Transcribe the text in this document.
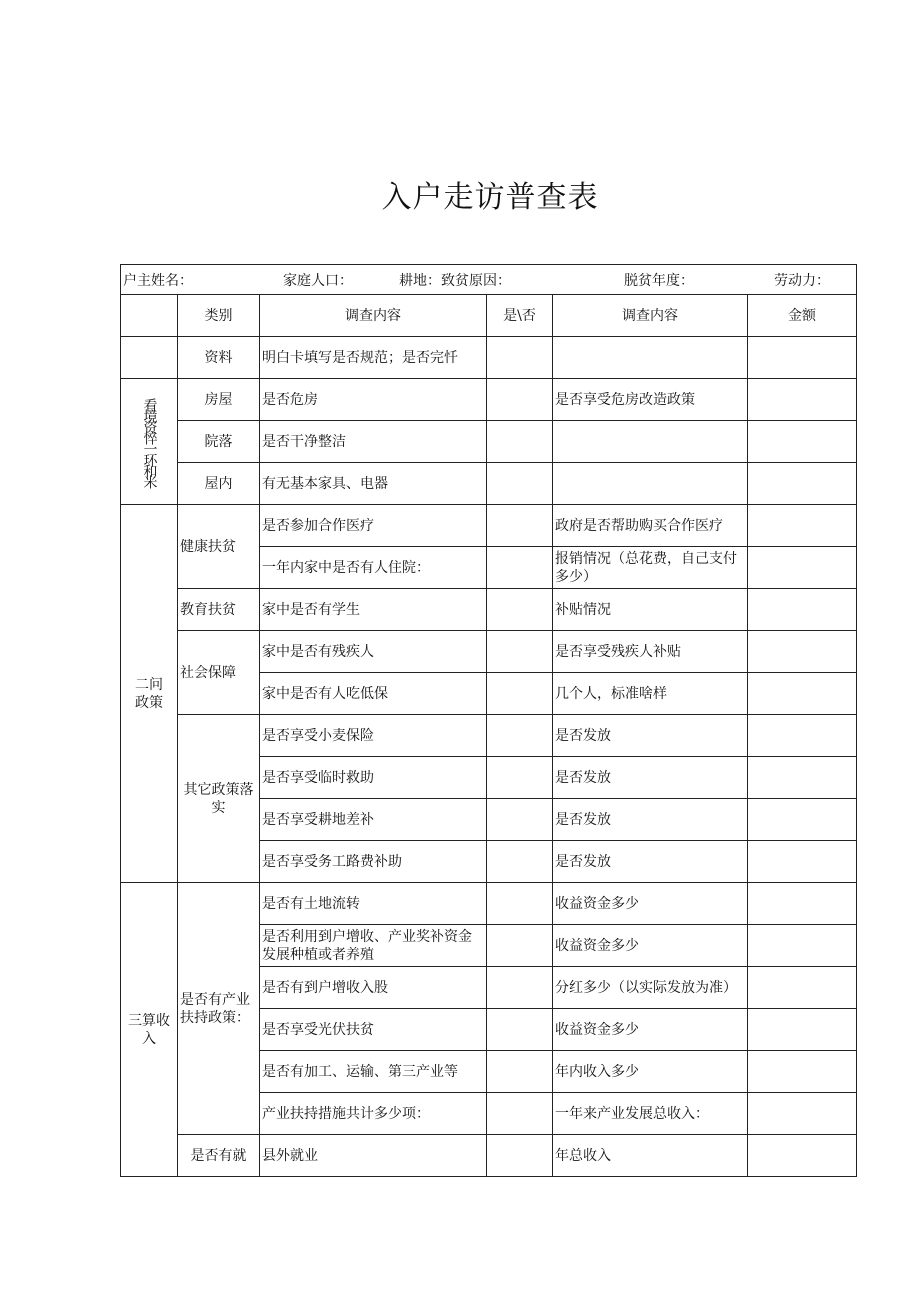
入户走访普查表
户主姓名： 家庭人口： 耕地：致贫原因： 脱贫年度： 劳动力：					

	类别	调查内容	是\否	调查内容	金额
	资料	明白卡填写是否规范；是否完忏			

看境资悴一环和米	房屋	是否危房		是否享受危房改造政策	
	院落	是否干净整洁			
	屋内	有无基本家具、电器			
二问政策	健康扶贫	是否参加合作医疗		政府是否帮助购买合作医疗	
		一年内家中是否有人住院：		报销情况（总花费，自己支付多少）	
	教育扶贫	家中是否有学生		补贴情况	
	社会保障	家中是否有残疾人		是否享受残疾人补贴	
		家中是否有人吃低保		几个人，标准啥样	
	其它政策落实	是否享受小麦保险		是否发放	
		是否享受临时救助		是否发放	
		是否享受耕地差补		是否发放	
		是否享受务工路费补助		是否发放	
三算收入	是否有产业扶持政策：	是否有土地流转		收益资金多少	
		是否利用到户增收、产业奖补资金发展种植或者养殖		收益资金多少	
		是否有到户增收入股		分红多少（以实际发放为准）	
		是否享受光伏扶贫		收益资金多少	
		是否有加工、运输、第三产业等		年内收入多少	
		产业扶持措施共计多少项：		一年来产业发展总收入：	
	是否有就	县外就业		年总收入	
